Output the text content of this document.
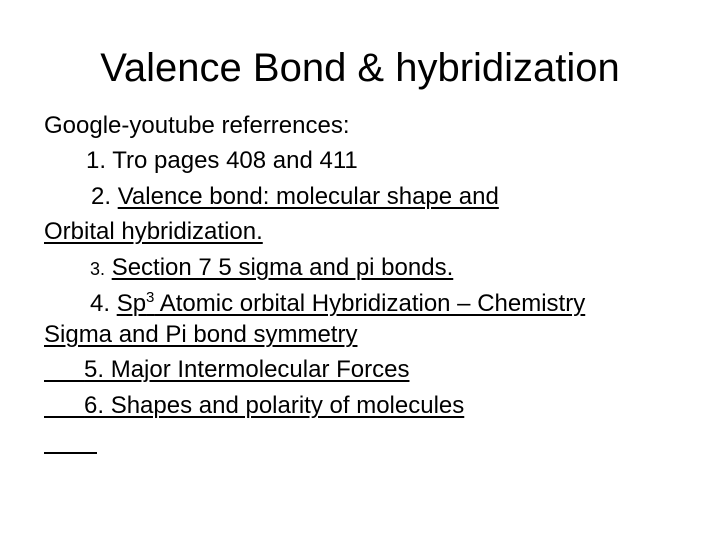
Valence Bond & hybridization
Google-youtube referrences:
1. Tro pages 408 and 411
2. Valence bond: molecular shape and
Orbital hybridization.
3. Section 7 5 sigma and pi bonds.
4. Sp$^3$ Atomic orbital Hybridization – Chemistry
Sigma and Pi bond symmetry
5. Major Intermolecular Forces
6. Shapes and polarity of molecules
